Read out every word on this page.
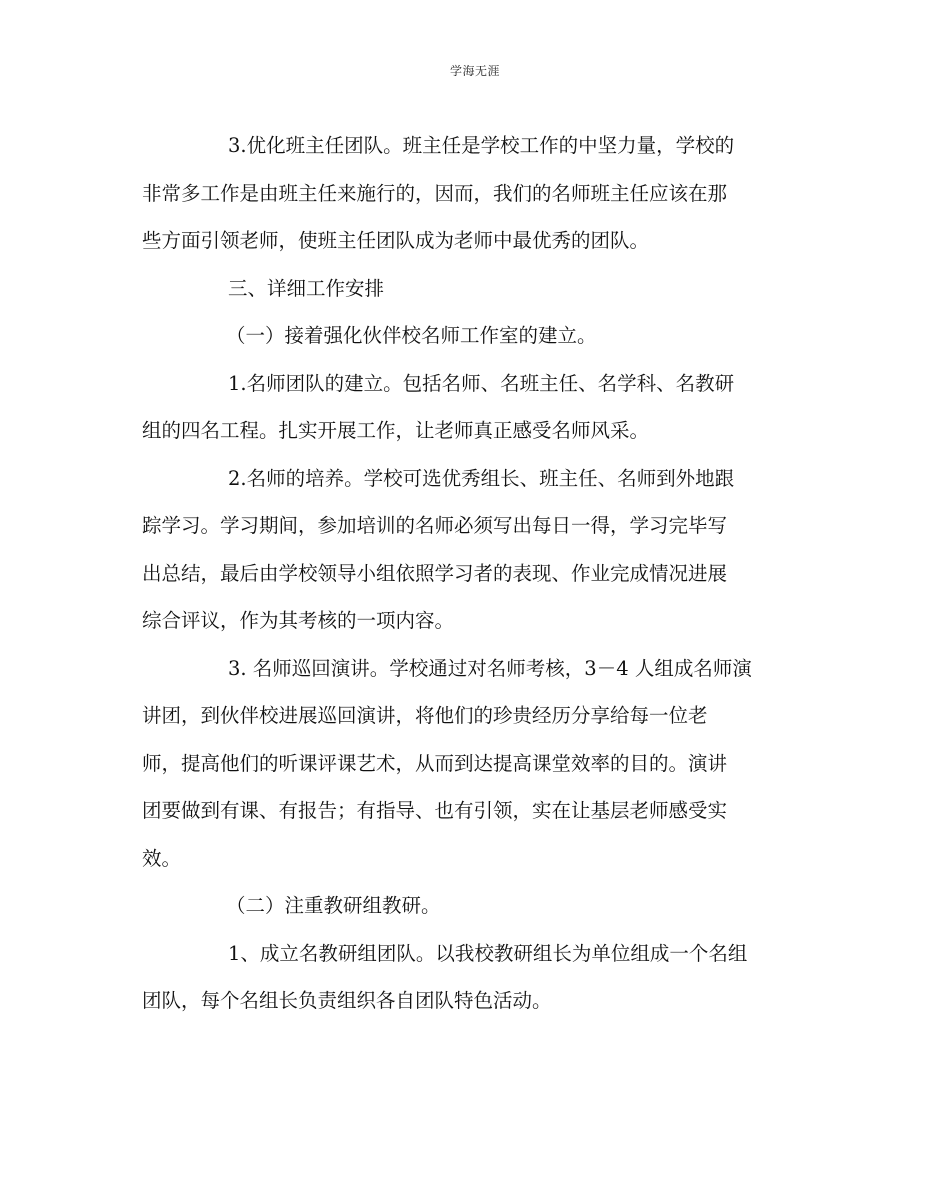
学海无涯
3.优化班主任团队。班主任是学校工作的中坚力量，学校的
非常多工作是由班主任来施行的，因而，我们的名师班主任应该在那
些方面引领老师，使班主任团队成为老师中最优秀的团队。
三、详细工作安排
（一）接着强化伙伴校名师工作室的建立。
1.名师团队的建立。包括名师、名班主任、名学科、名教研
组的四名工程。扎实开展工作，让老师真正感受名师风采。
2.名师的培养。学校可选优秀组长、班主任、名师到外地跟
踪学习。学习期间，参加培训的名师必须写出每日一得，学习完毕写
出总结，最后由学校领导小组依照学习者的表现、作业完成情况进展
综合评议，作为其考核的一项内容。
3. 名师巡回演讲。学校通过对名师考核，3－4 人组成名师演
讲团，到伙伴校进展巡回演讲，将他们的珍贵经历分享给每一位老
师，提高他们的听课评课艺术，从而到达提高课堂效率的目的。演讲
团要做到有课、有报告；有指导、也有引领，实在让基层老师感受实
效。
（二）注重教研组教研。
1、成立名教研组团队。以我校教研组长为单位组成一个名组
团队，每个名组长负责组织各自团队特色活动。
